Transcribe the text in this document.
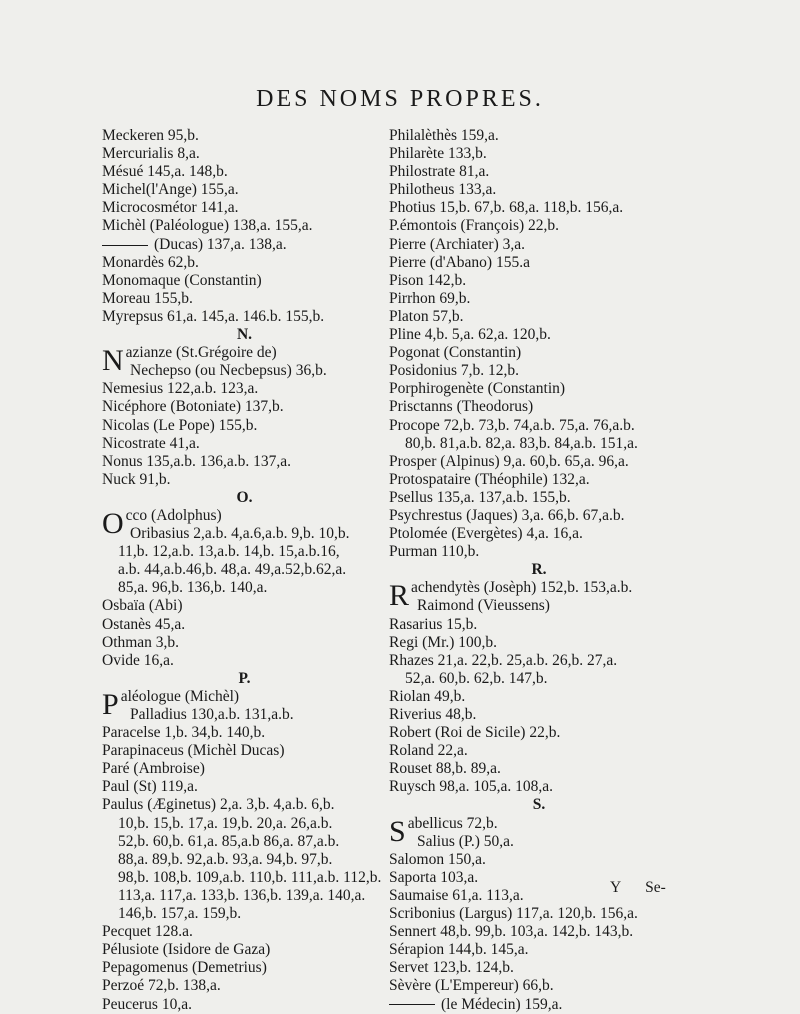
DES NOMS PROPRES.
Meckeren 95,b.
Mercurialis 8,a.
Mésué 145,a. 148,b.
Michel(l'Ange) 155,a.
Microcosmétor 141,a.
Michèl (Paléologue) 138,a. 155,a.
(Ducas) 137,a. 138,a.
Monardès 62,b.
Monomaque (Constantin)
Moreau 155,b.
Myrepsus 61,a. 145,a. 146.b. 155,b.
N.
Nazianze (St.Grégoire de)
Nechepso (ou Necbepsus) 36,b.
Nemesius 122,a.b. 123,a.
Nicéphore (Botoniate) 137,b.
Nicolas (Le Pope) 155,b.
Nicostrate 41,a.
Nonus 135,a.b. 136,a.b. 137,a.
Nuck 91,b.
O.
Occo (Adolphus)
Oribasius 2,a.b. 4,a.6,a.b. 9,b. 10,b.
11,b. 12,a.b. 13,a.b. 14,b. 15,a.b.16,
a.b. 44,a.b.46,b. 48,a. 49,a.52,b.62,a.
85,a. 96,b. 136,b. 140,a.
Osbaïa (Abi)
Ostanès 45,a.
Othman 3,b.
Ovide 16,a.
P.
Paléologue (Michèl)
Palladius 130,a.b. 131,a.b.
Paracelse 1,b. 34,b. 140,b.
Parapinaceus (Michèl Ducas)
Paré (Ambroise)
Paul (St) 119,a.
Paulus (Æginetus) 2,a. 3,b. 4,a.b. 6,b.
10,b. 15,b. 17,a. 19,b. 20,a. 26,a.b.
52,b. 60,b. 61,a. 85,a.b 86,a. 87,a.b.
88,a. 89,b. 92,a.b. 93,a. 94,b. 97,b.
98,b. 108,b. 109,a.b. 110,b. 111,a.b. 112,b.
113,a. 117,a. 133,b. 136,b. 139,a. 140,a.
146,b. 157,a. 159,b.
Pecquet 128.a.
Pélusiote (Isidore de Gaza)
Pepagomenus (Demetrius)
Perzoé 72,b. 138,a.
Peucerus 10,a.
Philalèthès 159,a.
Philarète 133,b.
Philostrate 81,a.
Philotheus 133,a.
Photius 15,b. 67,b. 68,a. 118,b. 156,a.
P.émontois (François) 22,b.
Pierre (Archiater) 3,a.
Pierre (d'Abano) 155.a
Pison 142,b.
Pirrhon 69,b.
Platon 57,b.
Pline 4,b. 5,a. 62,a. 120,b.
Pogonat (Constantin)
Posidonius 7,b. 12,b.
Porphirogenète (Constantin)
Prisctanns (Theodorus)
Procope 72,b. 73,b. 74,a.b. 75,a. 76,a.b.
80,b. 81,a.b. 82,a. 83,b. 84,a.b. 151,a.
Prosper (Alpinus) 9,a. 60,b. 65,a. 96,a.
Protospataire (Théophile) 132,a.
Psellus 135,a. 137,a.b. 155,b.
Psychrestus (Jaques) 3,a. 66,b. 67,a.b.
Ptolomée (Evergètes) 4,a. 16,a.
Purman 110,b.
R.
Rachendytès (Josèph) 152,b. 153,a.b.
Raimond (Vieussens)
Rasarius 15,b.
Regi (Mr.) 100,b.
Rhazes 21,a. 22,b. 25,a.b. 26,b. 27,a.
52,a. 60,b. 62,b. 147,b.
Riolan 49,b.
Riverius 48,b.
Robert (Roi de Sicile) 22,b.
Roland 22,a.
Rouset 88,b. 89,a.
Ruysch 98,a. 105,a. 108,a.
S.
Sabellicus 72,b.
Salius (P.) 50,a.
Salomon 150,a.
Saporta 103,a.
Saumaise 61,a. 113,a.
Scribonius (Largus) 117,a. 120,b. 156,a.
Sennert 48,b. 99,b. 103,a. 142,b. 143,b.
Sérapion 144,b. 145,a.
Servet 123,b. 124,b.
Sèvère (L'Empereur) 66,b.
(le Médecin) 159,a.
Y Se-
